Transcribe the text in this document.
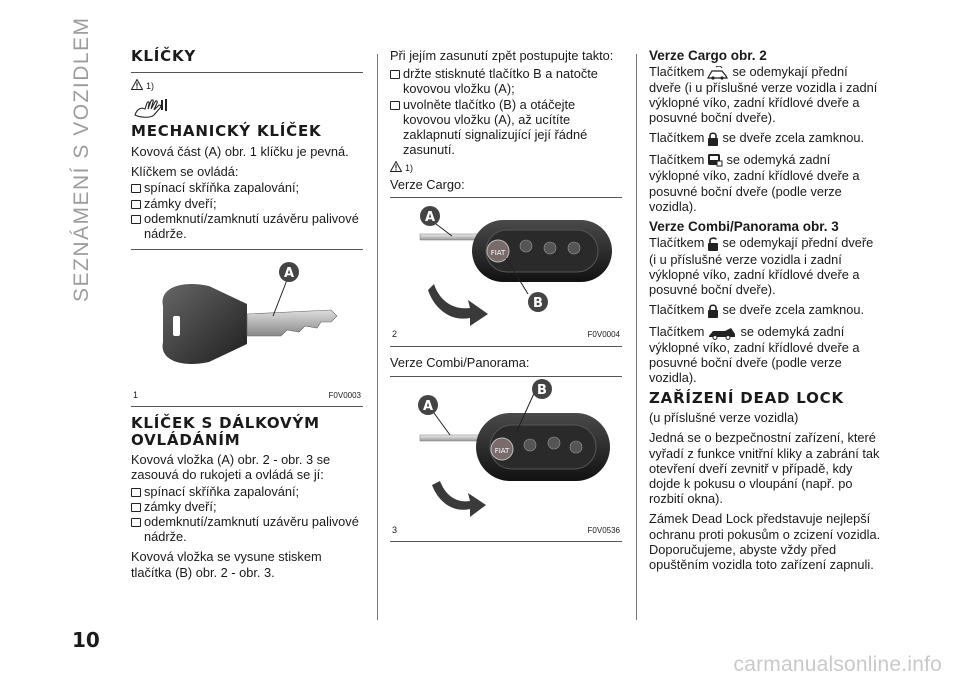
SEZNÁMENÍ S VOZIDLEM
10
carmanualsonline.info
KLÍČKY
1)
MECHANICKÝ KLÍČEK

Kovová část (A) obr. 1 klíčku je pevná.

Klíčkem se ovládá:

spínací skříňka zapalování;

zámky dveří;

odemknutí/zamknutí uzávěru palivové nádrže.

A
1	F0V0003
KLÍČEK S DÁLKOVÝM OVLÁDÁNÍM

Kovová vložka (A) obr. 2 - obr. 3 se zasouvá do rukojeti a ovládá se jí:

spínací skříňka zapalování;

zámky dveří;

odemknutí/zamknutí uzávěru palivové nádrže.

Kovová vložka se vysune stiskem tlačítka (B) obr. 2 - obr. 3.

Při jejím zasunutí zpět postupujte takto:

držte stisknuté tlačítko B a natočte kovovou vložku (A);

uvolněte tlačítko (B) a otáčejte kovovou vložku (A), až ucítíte zaklapnutí signalizující její řádné zasunutí.

1)

Verze Cargo:

FIAT
A
B
2	F0V0004

Verze Combi/Panorama:

FIAT
A
B
3	F0V0536
Verze Cargo obr. 2

Tlačítkem se odemykají přední dveře (i u příslušné verze vozidla i zadní výklopné víko, zadní křídlové dveře a posuvné boční dveře).

Tlačítkem se dveře zcela zamknou.

Tlačítkem se odemyká zadní výklopné víko, zadní křídlové dveře a posuvné boční dveře (podle verze vozidla).

Verze Combi/Panorama obr. 3

Tlačítkem se odemykají přední dveře (i u příslušné verze vozidla i zadní výklopné víko, zadní křídlové dveře a posuvné boční dveře).

Tlačítkem se dveře zcela zamknou.

Tlačítkem	se odemyká zadní výklopné víko, zadní křídlové dveře a posuvné boční dveře (podle verze vozidla).

ZAŘÍZENÍ DEAD LOCK

(u příslušné verze vozidla)

Jedná se o bezpečnostní zařízení, které vyřadí z funkce vnitřní kliky a zabrání tak otevření dveří zevnitř v případě, kdy dojde k pokusu o vloupání (např. po rozbití okna).

Zámek Dead Lock představuje nejlepší ochranu proti pokusům o zcizení vozidla. Doporučujeme, abyste vždy před opuštěním vozidla toto zařízení zapnuli.
